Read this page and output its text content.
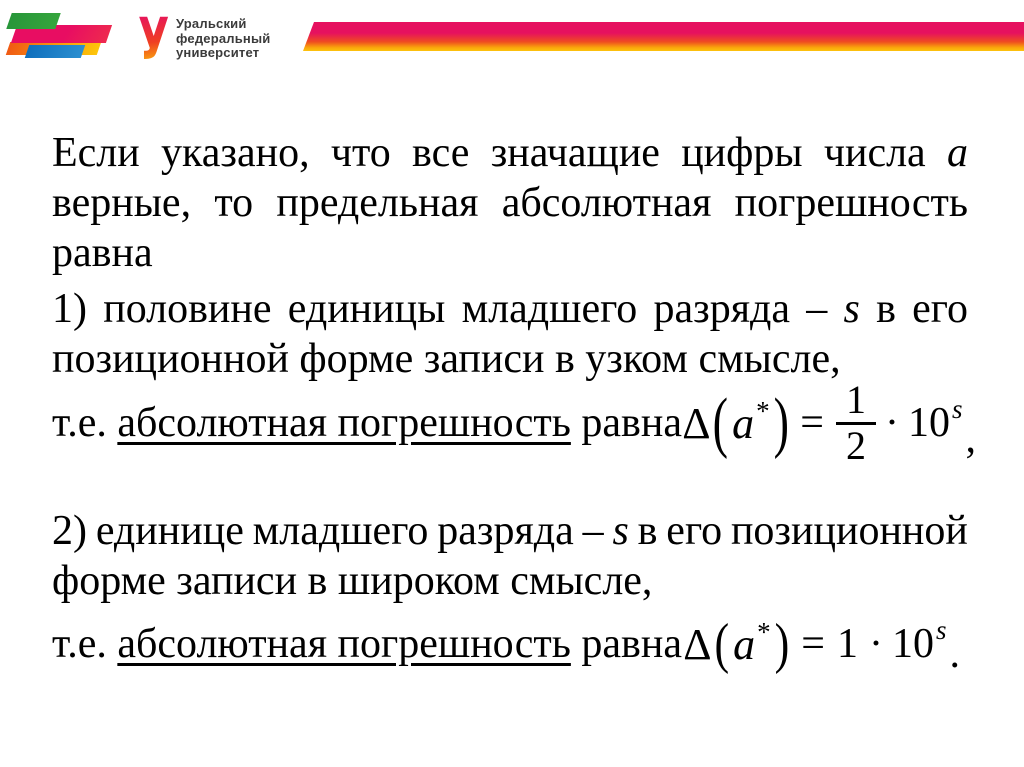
У Уральский
федеральный
университет
Если указано, что все значащие цифры числа a
верные, то предельная абсолютная погрешность
равна
1) половине единицы младшего разряда – s в его
позиционной форме записи в узком смысле,
т.е. абсолютная погрешность равна Δ ( a* ) = $\frac{1}{2} \cdot 10^s$
,
2) единице младшего разряда – s в его позиционной
форме записи в широком смысле,
т.е. абсолютная погрешность равна Δ ( a* ) = $1 \cdot 10^s$
.
